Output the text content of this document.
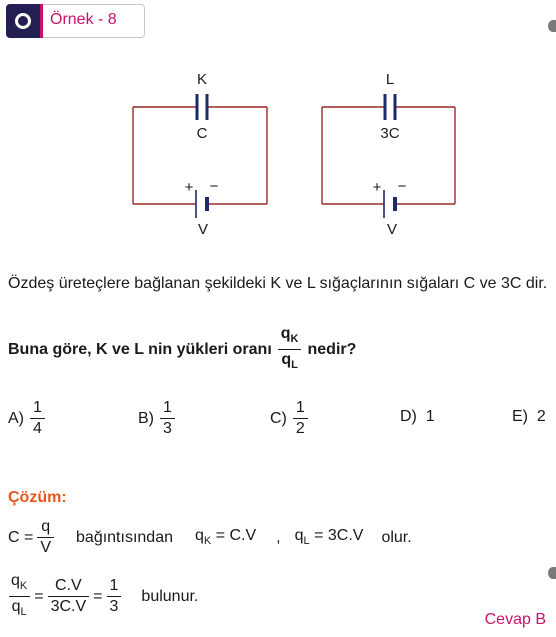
Örnek - 8
K
C
+ −
V
L
3C
+ −
V
Özdeş üreteçlere bağlanan şekildeki K ve L sığaçlarının sığaları C ve 3C dir.
Buna göre, K ve L nin yükleri oranı $\frac{q_K}{q_L}$ nedir?
$A) \frac{1}{4}$	$B) \frac{1}{3}$	$C) \frac{1}{2}$	D) 1	E) 2
Çözüm:
$C = \frac{q}{V}$ bağıntısından $q_K = C.V$ , $q_L = 3C.V$ olur.
$\frac{q_K}{q_L} = \frac{C.V}{3C.V} = \frac{1}{3}$ bulunur.
Cevap B
